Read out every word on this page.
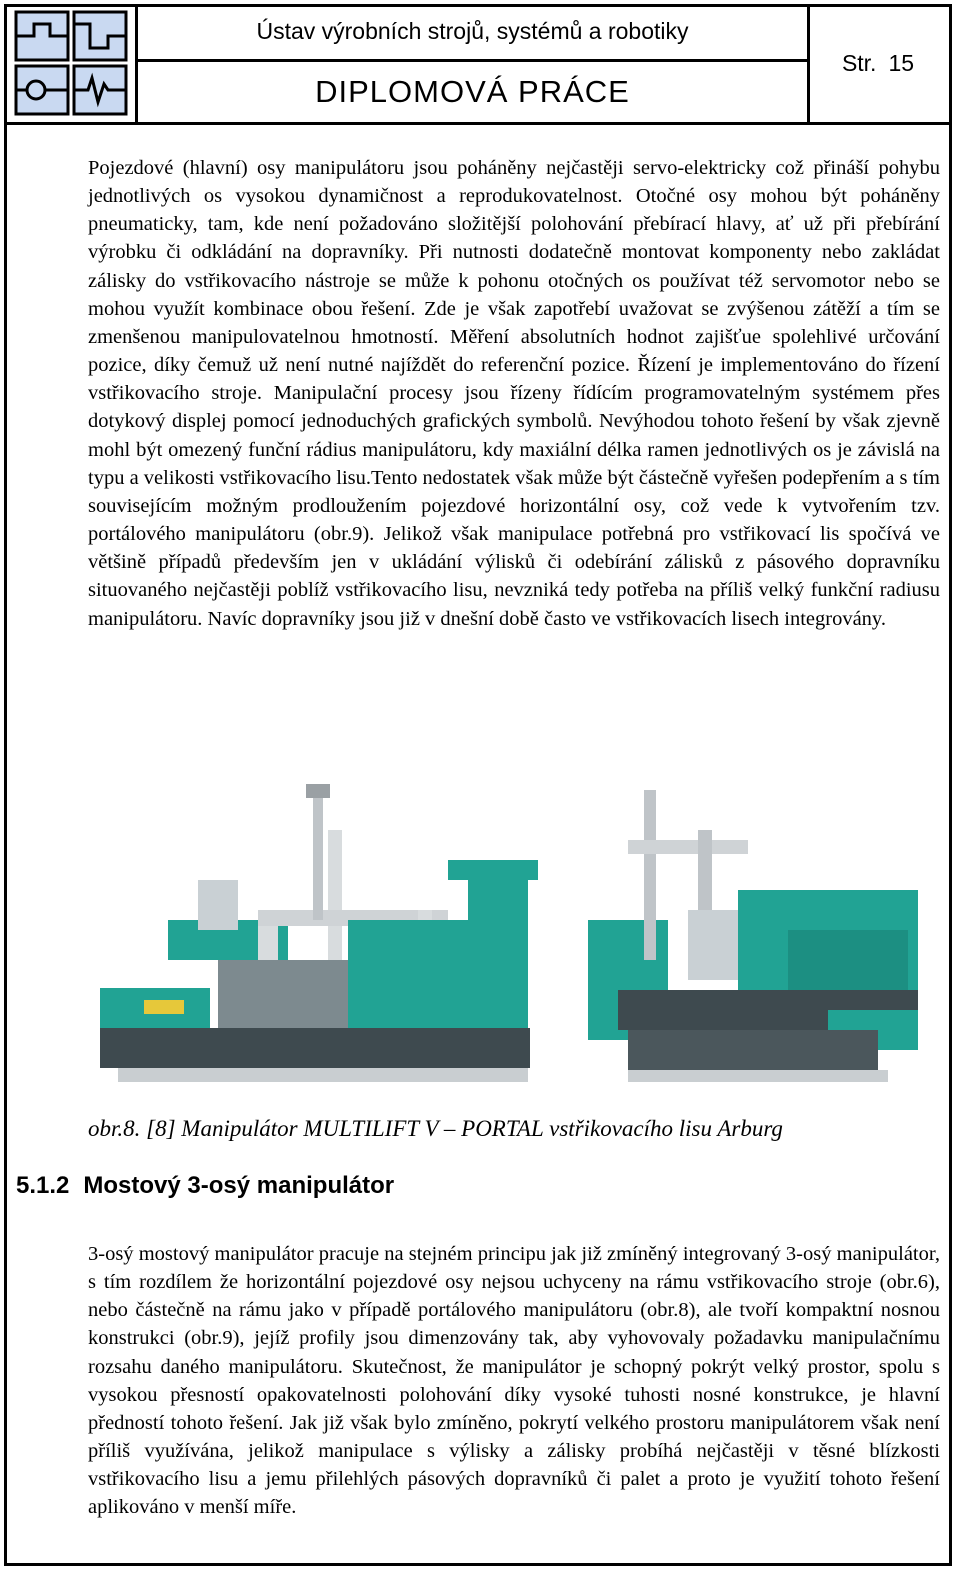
Ústav výrobních strojů, systémů a robotiky
DIPLOMOVÁ PRÁCE
Str. 15
Pojezdové (hlavní) osy manipulátoru jsou poháněny nejčastěji servo-elektricky což přináší pohybu jednotlivých os vysokou dynamičnost a reprodukovatelnost. Otočné osy mohou být poháněny pneumaticky, tam, kde není požadováno složitější polohování přebírací hlavy, ať už při přebírání výrobku či odkládání na dopravníky. Při nutnosti dodatečně montovat komponenty nebo zakládat zálisky do vstřikovacího nástroje se může k pohonu otočných os používat též servomotor nebo se mohou využít kombinace obou řešení. Zde je však zapotřebí uvažovat se zvýšenou zátěží a tím se zmenšenou manipulovatelnou hmotností. Měření absolutních hodnot zajišťue spolehlivé určování pozice, díky čemuž už není nutné najíždět do referenční pozice. Řízení je implementováno do řízení vstřikovacího stroje. Manipulační procesy jsou řízeny řídícím programovatelným systémem přes dotykový displej pomocí jednoduchých grafických symbolů. Nevýhodou tohoto řešení by však zjevně mohl být omezený funční rádius manipulátoru, kdy maxiální délka ramen jednotlivých os je závislá na typu a velikosti vstřikovacího lisu.Tento nedostatek však může být částečně vyřešen podepřením a s tím souvisejícím možným prodloužením pojezdové horizontální osy, což vede k vytvořením tzv. portálového manipulátoru (obr.9). Jelikož však manipulace potřebná pro vstřikovací lis spočívá ve většině případů především jen v ukládání výlisků či odebírání zálisků z pásového dopravníku situovaného nejčastěji poblíž vstřikovacího lisu, nevzniká tedy potřeba na příliš velký funkční radiusu manipulátoru. Navíc dopravníky jsou již v dnešní době často ve vstřikovacích lisech integrovány.
obr.8. [8] Manipulátor MULTILIFT V – PORTAL vstřikovacího lisu Arburg
5.1.2 Mostový 3-osý manipulátor
3-osý mostový manipulátor pracuje na stejném principu jak již zmíněný integrovaný 3-osý manipulátor, s tím rozdílem že horizontální pojezdové osy nejsou uchyceny na rámu vstřikovacího stroje (obr.6), nebo částečně na rámu jako v případě portálového manipulátoru (obr.8), ale tvoří kompaktní nosnou konstrukci (obr.9), jejíž profily jsou dimenzovány tak, aby vyhovovaly požadavku manipulačnímu rozsahu daného manipulátoru. Skutečnost, že manipulátor je schopný pokrýt velký prostor, spolu s vysokou přesností opakovatelnosti polohování díky vysoké tuhosti nosné konstrukce, je hlavní předností tohoto řešení. Jak již však bylo zmíněno, pokrytí velkého prostoru manipulátorem však není příliš využívána, jelikož manipulace s výlisky a zálisky probíhá nejčastěji v těsné blízkosti vstřikovacího lisu a jemu přilehlých pásových dopravníků či palet a proto je využití tohoto řešení aplikováno v menší míře.
